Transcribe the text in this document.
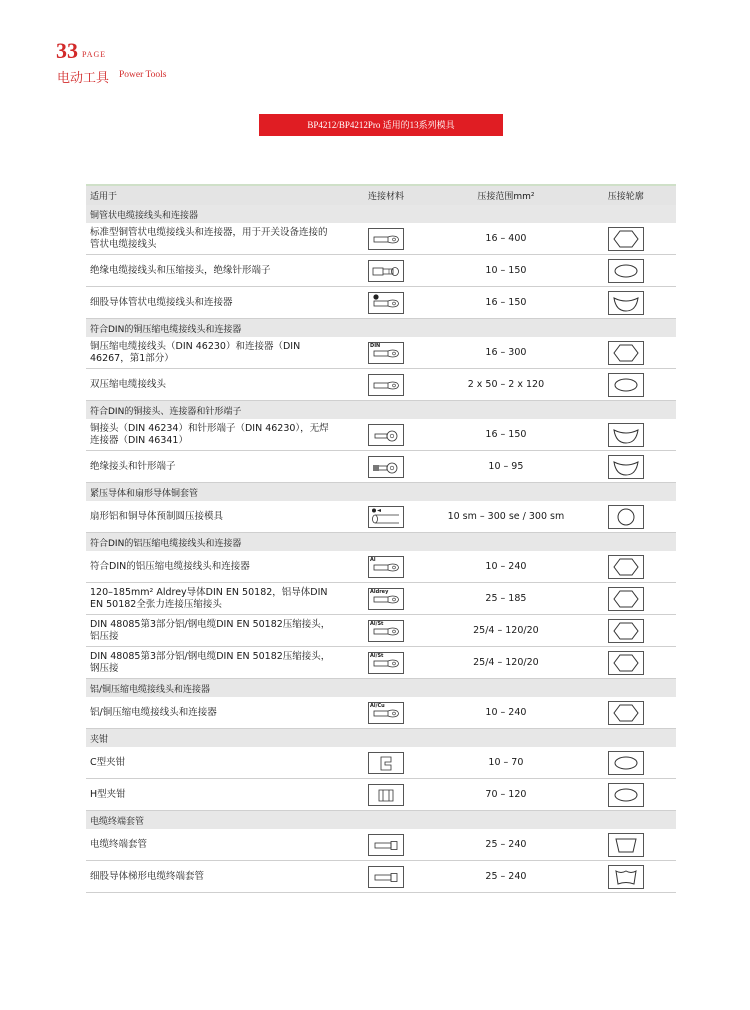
33 PAGE
电动工具 Power Tools
BP4212/BP4212Pro 适用的13系列模具
适用于	连接材料	压接范围mm²	压接轮廓
铜管状电缆接线头和连接器			
标准型铜管状电缆接线头和连接器，用于开关设备连接的管状电缆接线头		16 – 400	

绝缘电缆接线头和压缩接头，绝缘针形端子		10 – 150	

细股导体管状电缆接线头和连接器		16 – 150	

符合DIN的铜压缩电缆接线头和连接器			
铜压缩电缆接线头（DIN 46230）和连接器（DIN 46267，第1部分）	DIN	16 – 300	

双压缩电缆接线头		2 x 50 – 2 x 120	

符合DIN的铜接头、连接器和针形端子			
铜接头（DIN 46234）和针形端子（DIN 46230），无焊连接器（DIN 46341）		16 – 150	

绝缘接头和针形端子		10 – 95	

紧压导体和扇形导体铜套管			
扇形铝和铜导体预制圆压接模具		10 sm – 300 se / 300 sm	

符合DIN的铝压缩电缆接线头和连接器			
符合DIN的铝压缩电缆接线头和连接器	Al	10 – 240	

120–185mm² Aldrey导体DIN EN 50182，铝导体DIN EN 50182全张力连接压缩接头	Aldrey	25 – 185	

DIN 48085第3部分铝/钢电缆DIN EN 50182压缩接头，铝压接	Al/St	25/4 – 120/20	

DIN 48085第3部分铝/钢电缆DIN EN 50182压缩接头，钢压接	Al/St	25/4 – 120/20	

铝/铜压缩电缆接线头和连接器			
铝/铜压缩电缆接线头和连接器	Al/Cu	10 – 240	

夹钳			
C型夹钳		10 – 70	

H型夹钳		70 – 120	

电缆终端套管			
电缆终端套管		25 – 240	

细股导体梯形电缆终端套管		25 – 240	
